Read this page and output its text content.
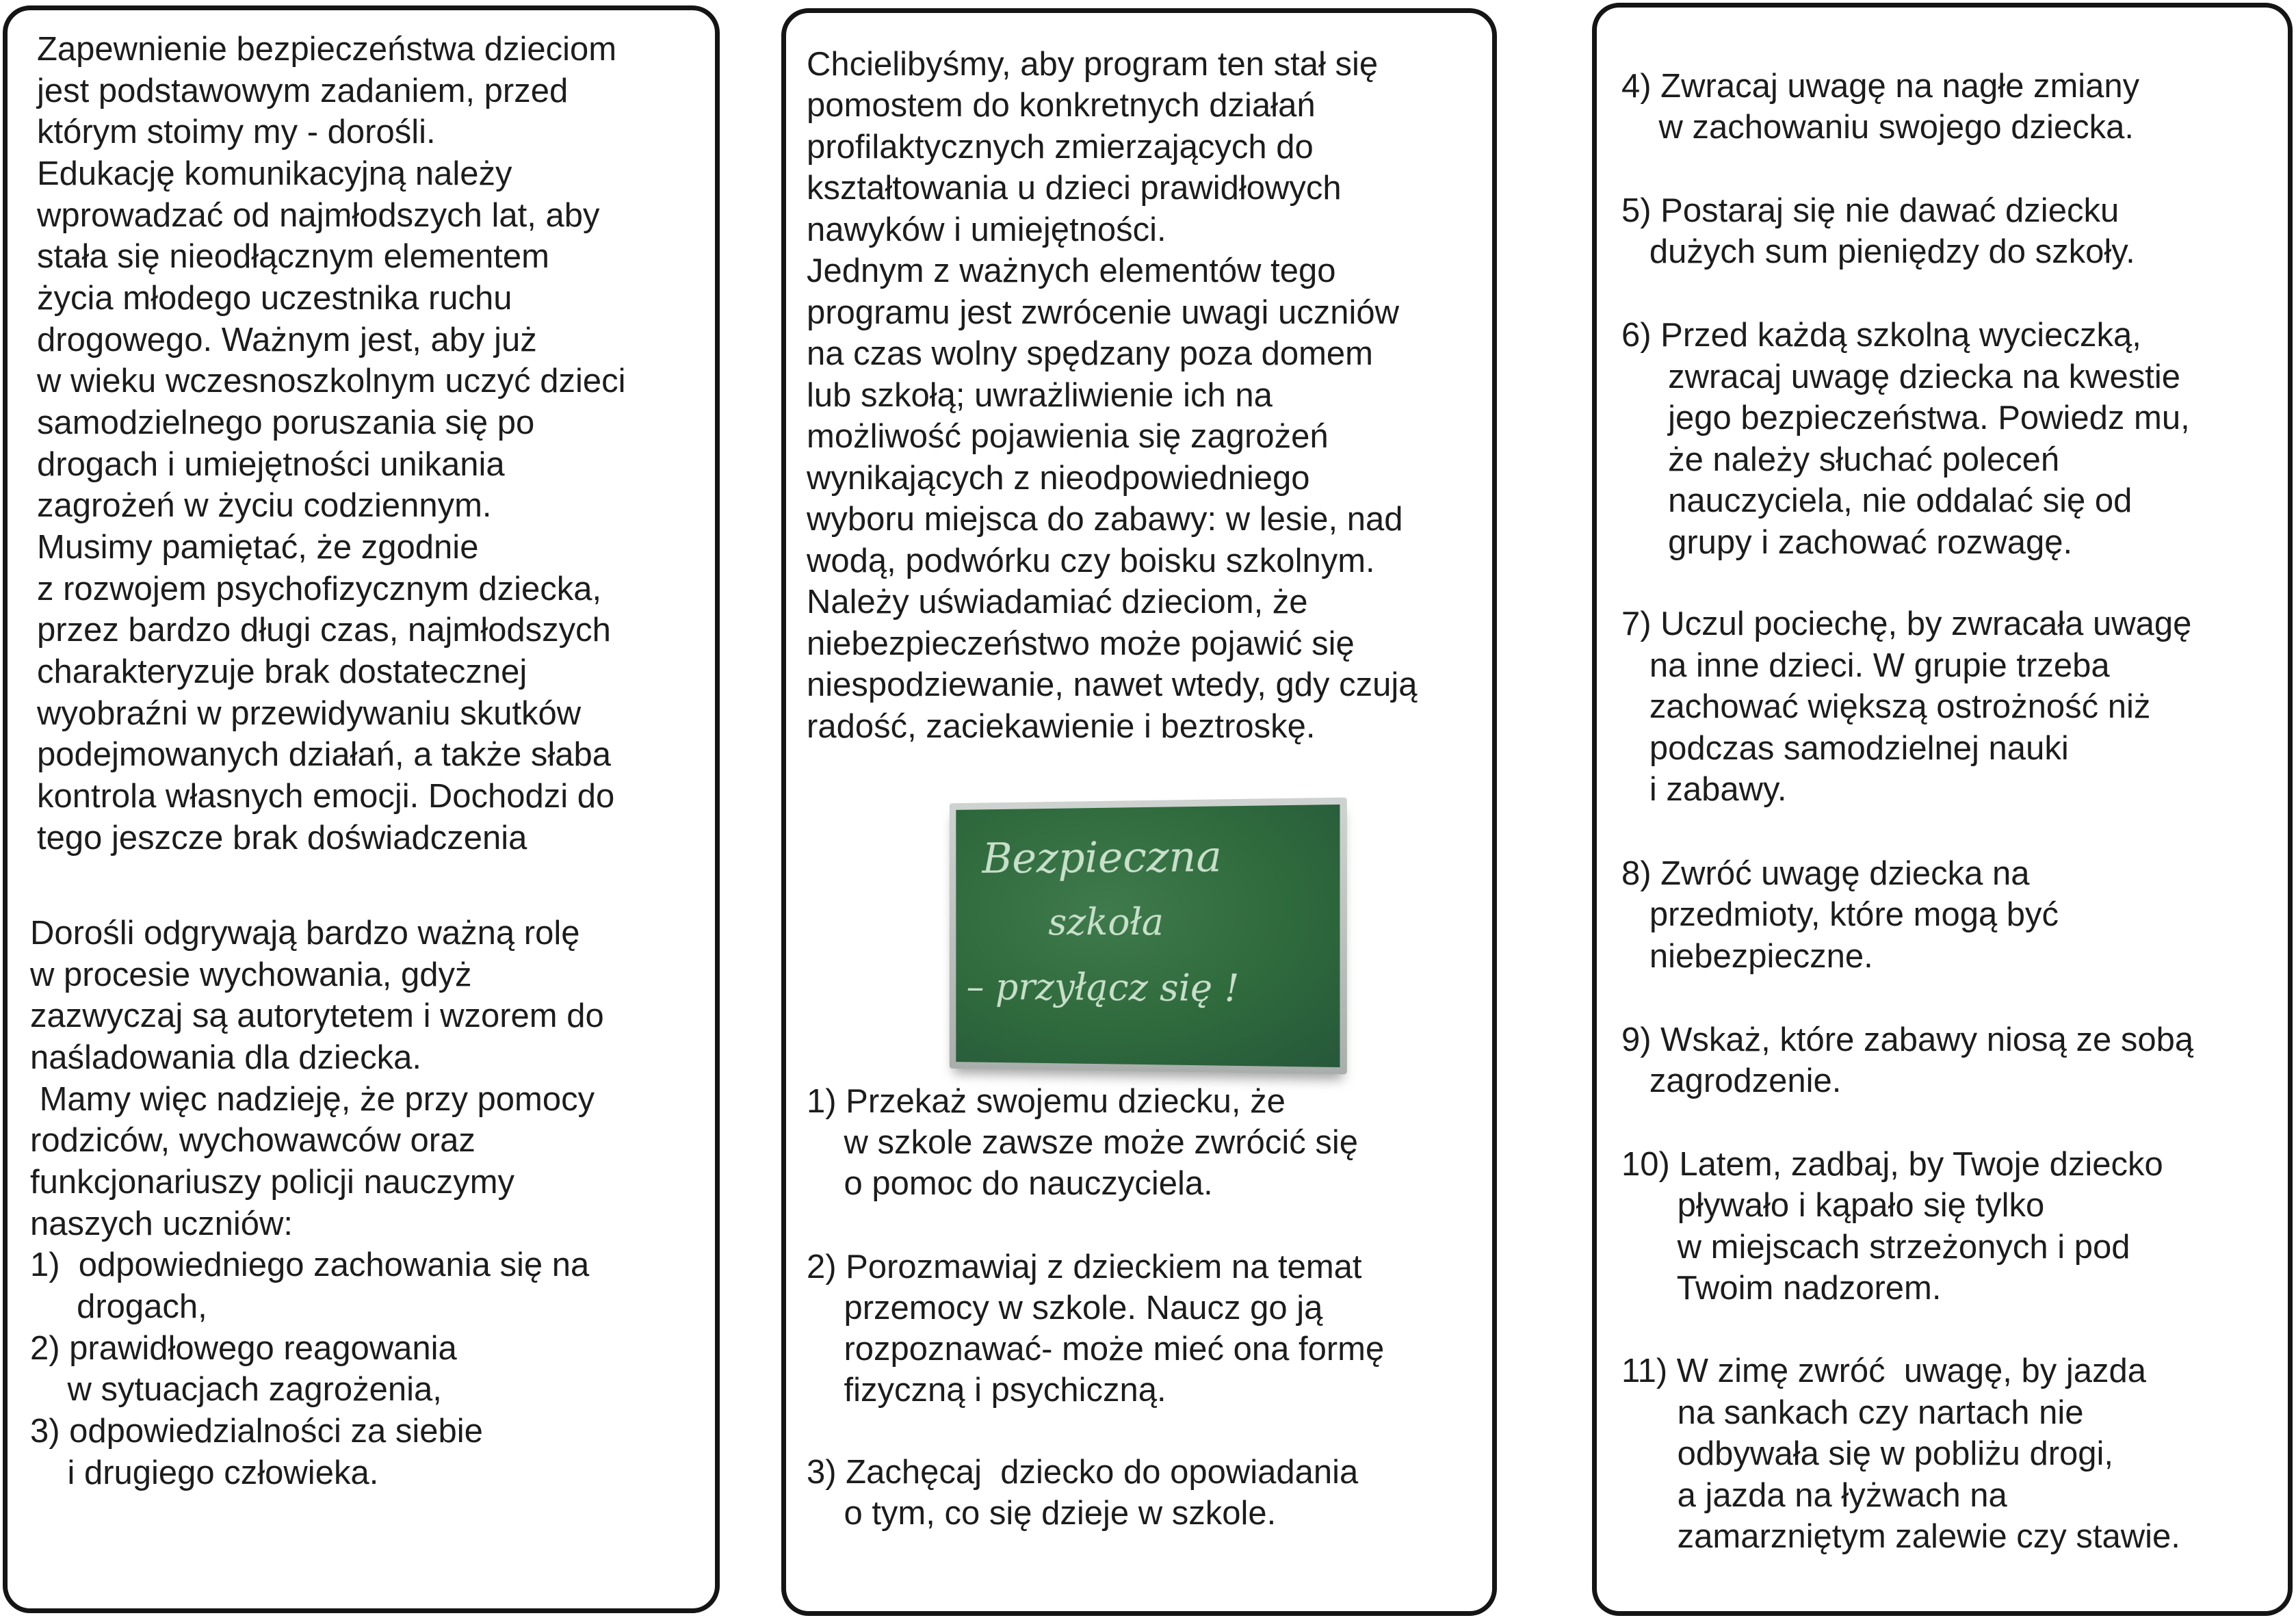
Zapewnienie bezpieczeństwa dzieciom
jest podstawowym zadaniem, przed
którym stoimy my - dorośli.
Edukację komunikacyjną należy
wprowadzać od najmłodszych lat, aby
stała się nieodłącznym elementem
życia młodego uczestnika ruchu
drogowego. Ważnym jest, aby już
w wieku wczesnoszkolnym uczyć dzieci
samodzielnego poruszania się po
drogach i umiejętności unikania
zagrożeń w życiu codziennym.
Musimy pamiętać, że zgodnie
z rozwojem psychofizycznym dziecka,
przez bardzo długi czas, najmłodszych
charakteryzuje brak dostatecznej
wyobraźni w przewidywaniu skutków
podejmowanych działań, a także słaba
kontrola własnych emocji. Dochodzi do
tego jeszcze brak doświadczenia
Dorośli odgrywają bardzo ważną rolę
w procesie wychowania, gdyż
zazwyczaj są autorytetem i wzorem do
naśladowania dla dziecka.
Mamy więc nadzieję, że przy pomocy
rodziców, wychowawców oraz
funkcjonariuszy policji nauczymy
naszych uczniów:
1)  odpowiedniego zachowania się na
drogach,
2) prawidłowego reagowania
w sytuacjach zagrożenia,
3) odpowiedzialności za siebie
i drugiego człowieka.
Chcielibyśmy, aby program ten stał się
pomostem do konkretnych działań
profilaktycznych zmierzających do
kształtowania u dzieci prawidłowych
nawyków i umiejętności.
Jednym z ważnych elementów tego
programu jest zwrócenie uwagi uczniów
na czas wolny spędzany poza domem
lub szkołą; uwrażliwienie ich na
możliwość pojawienia się zagrożeń
wynikających z nieodpowiedniego
wyboru miejsca do zabawy: w lesie, nad
wodą, podwórku czy boisku szkolnym.
Należy uświadamiać dzieciom, że
niebezpieczeństwo może pojawić się
niespodziewanie, nawet wtedy, gdy czują
radość, zaciekawienie i beztroskę.
Bezpieczna
szkoła
– przyłącz się !
1) Przekaż swojemu dziecku, że
w szkole zawsze może zwrócić się
o pomoc do nauczyciela.
2) Porozmawiaj z dzieckiem na temat
przemocy w szkole. Naucz go ją
rozpoznawać- może mieć ona formę
fizyczną i psychiczną.
3) Zachęcaj  dziecko do opowiadania
o tym, co się dzieje w szkole.
4) Zwracaj uwagę na nagłe zmiany
w zachowaniu swojego dziecka.
5) Postaraj się nie dawać dziecku
dużych sum pieniędzy do szkoły.
6) Przed każdą szkolną wycieczką,
zwracaj uwagę dziecka na kwestie
jego bezpieczeństwa. Powiedz mu,
że należy słuchać poleceń
nauczyciela, nie oddalać się od
grupy i zachować rozwagę.
7) Uczul pociechę, by zwracała uwagę
na inne dzieci. W grupie trzeba
zachować większą ostrożność niż
podczas samodzielnej nauki
i zabawy.
8) Zwróć uwagę dziecka na
przedmioty, które mogą być
niebezpieczne.
9) Wskaż, które zabawy niosą ze sobą
zagrodzenie.
10) Latem, zadbaj, by Twoje dziecko
pływało i kąpało się tylko
w miejscach strzeżonych i pod
Twoim nadzorem.
11) W zimę zwróć  uwagę, by jazda
na sankach czy nartach nie
odbywała się w pobliżu drogi,
a jazda na łyżwach na
zamarzniętym zalewie czy stawie.
